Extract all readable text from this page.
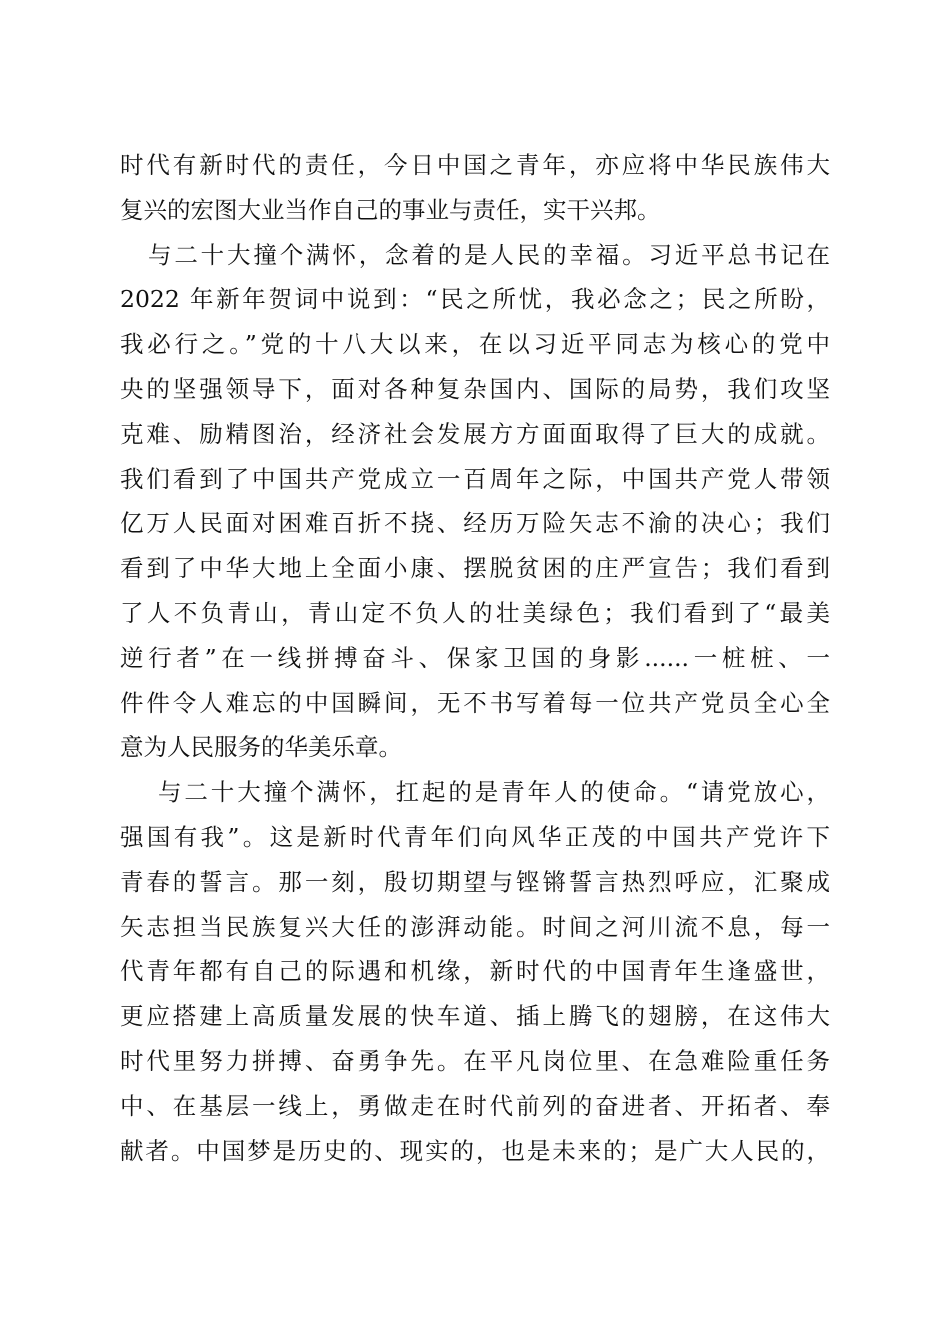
时代有新时代的责任，今日中国之青年，亦应将中华民族伟大
复兴的宏图大业当作自己的事业与责任，实干兴邦。
与二十大撞个满怀，念着的是人民的幸福。习近平总书记在
2022 年新年贺词中说到：“民之所忧，我必念之；民之所盼，
我必行之。”党的十八大以来，在以习近平同志为核心的党中
央的坚强领导下，面对各种复杂国内、国际的局势，我们攻坚
克难、励精图治，经济社会发展方方面面取得了巨大的成就。
我们看到了中国共产党成立一百周年之际，中国共产党人带领
亿万人民面对困难百折不挠、经历万险矢志不渝的决心；我们
看到了中华大地上全面小康、摆脱贫困的庄严宣告；我们看到
了人不负青山，青山定不负人的壮美绿色；我们看到了“最美
逆行者”在一线拼搏奋斗、保家卫国的身影......一桩桩、一
件件令人难忘的中国瞬间，无不书写着每一位共产党员全心全
意为人民服务的华美乐章。
与二十大撞个满怀，扛起的是青年人的使命。“请党放心，
强国有我”。这是新时代青年们向风华正茂的中国共产党许下
青春的誓言。那一刻，殷切期望与铿锵誓言热烈呼应，汇聚成
矢志担当民族复兴大任的澎湃动能。时间之河川流不息，每一
代青年都有自己的际遇和机缘，新时代的中国青年生逢盛世，
更应搭建上高质量发展的快车道、插上腾飞的翅膀，在这伟大
时代里努力拼搏、奋勇争先。在平凡岗位里、在急难险重任务
中、在基层一线上，勇做走在时代前列的奋进者、开拓者、奉
献者。中国梦是历史的、现实的，也是未来的；是广大人民的，
